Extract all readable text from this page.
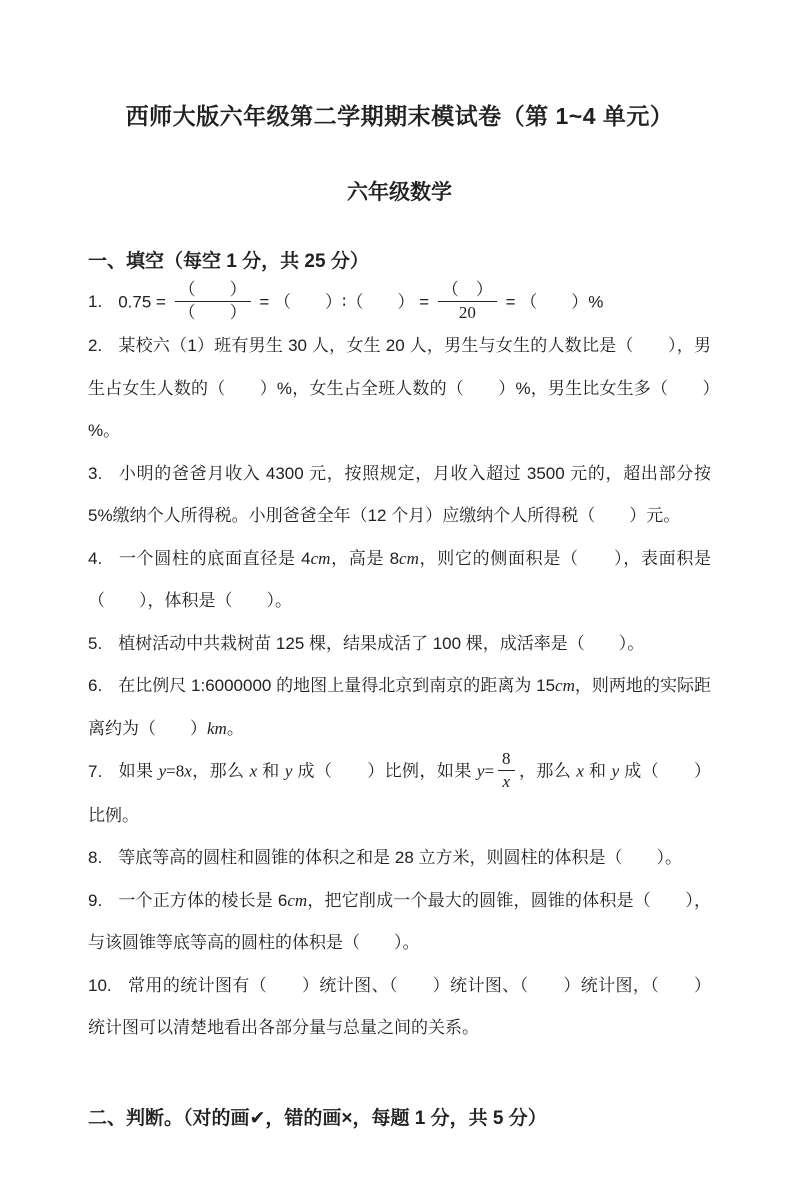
西师大版六年级第二学期期末模试卷（第 1~4 单元）
六年级数学
一、填空（每空 1 分，共 25 分）
1. $0.75 = \frac{( )}{( )}$ = （　　）∶（　　） = $\frac{( )}{20}$ = （　　）%
2. 某校六（1）班有男生 30 人，女生 20 人，男生与女生的人数比是（　　），男生占女生人数的（　　）%，女生占全班人数的（　　）%，男生比女生多（　　）%。
3. 小明的爸爸月收入 4300 元，按照规定，月收入超过 3500 元的，超出部分按 5%缴纳个人所得税。小刖爸爸全年（12 个月）应缴纳个人所得税（　　）元。
4. 一个圆柱的底面直径是 4cm，高是 8cm，则它的侧面积是（　　），表面积是（　　），体积是（　　）。
5. 植树活动中共栽树苗 125 棵，结果成活了 100 棵，成活率是（　　）。
6. 在比例尺 1:6000000 的地图上量得北京到南京的距离为 15cm，则两地的实际距离约为（　　）km。
7. 如果 y=8x，那么 x 和 y 成（　　）比例，如果 $y= \frac{8}{x}$ ，那么 x 和 y 成（　　）比例。
8. 等底等高的圆柱和圆锥的体积之和是 28 立方米，则圆柱的体积是（　　）。
9. 一个正方体的棱长是 6cm，把它削成一个最大的圆锥，圆锥的体积是（　　），与该圆锥等底等高的圆柱的体积是（　　）。
10. 常用的统计图有（　　）统计图、（　　）统计图、（　　）统计图，（　　）统计图可以清楚地看出各部分量与总量之间的关系。
二、判断。（对的画✔，错的画×，每题 1 分，共 5 分）
